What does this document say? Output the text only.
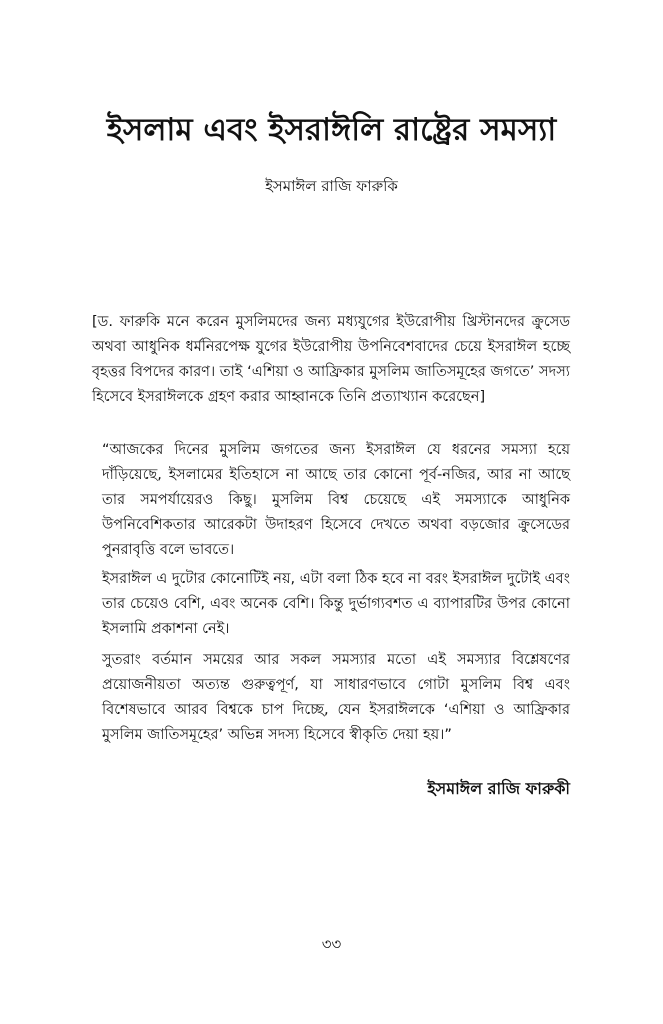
ইসলাম এবং ইসরাঈলি রাষ্ট্রের সমস্যা

ইসমাঈল রাজি ফারুকি

[ড. ফারুকি মনে করেন মুসলিমদের জন্য মধ্যযুগের ইউরোপীয় খ্রিস্টানদের ক্রুসেড অথবা আধুনিক ধর্মনিরপেক্ষ যুগের ইউরোপীয় উপনিবেশবাদের চেয়ে ইসরাঈল হচ্ছে বৃহত্তর বিপদের কারণ। তাই ‘এশিয়া ও আফ্রিকার মুসলিম জাতিসমূহের জগতে’ সদস্য হিসেবে ইসরাঈলকে গ্রহণ করার আহ্বানকে তিনি প্রত্যাখ্যান করেছেন]

“আজকের দিনের মুসলিম জগতের জন্য ইসরাঈল যে ধরনের সমস্যা হয়ে দাঁড়িয়েছে, ইসলামের ইতিহাসে না আছে তার কোনো পূর্ব-নজির, আর না আছে তার সমপর্যায়েরও কিছু। মুসলিম বিশ্ব চেয়েছে এই সমস্যাকে আধুনিক উপনিবেশিকতার আরেকটা উদাহরণ হিসেবে দেখতে অথবা বড়জোর ক্রুসেডের পুনরাবৃত্তি বলে ভাবতে।

ইসরাঈল এ দুটোর কোনোটিই নয়, এটা বলা ঠিক হবে না বরং ইসরাঈল দুটোই এবং তার চেয়েও বেশি, এবং অনেক বেশি। কিন্তু দুর্ভাগ্যবশত এ ব্যাপারটির উপর কোনো ইসলামি প্রকাশনা নেই।

সুতরাং বর্তমান সময়ের আর সকল সমস্যার মতো এই সমস্যার বিশ্লেষণের প্রয়োজনীয়তা অত্যন্ত গুরুত্বপূর্ণ, যা সাধারণভাবে গোটা মুসলিম বিশ্ব এবং বিশেষভাবে আরব বিশ্বকে চাপ দিচ্ছে, যেন ইসরাঈলকে ‘এশিয়া ও আফ্রিকার মুসলিম জাতিসমূহের’ অভিন্ন সদস্য হিসেবে স্বীকৃতি দেয়া হয়।”

ইসমাঈল রাজি ফারুকী

৩৩
